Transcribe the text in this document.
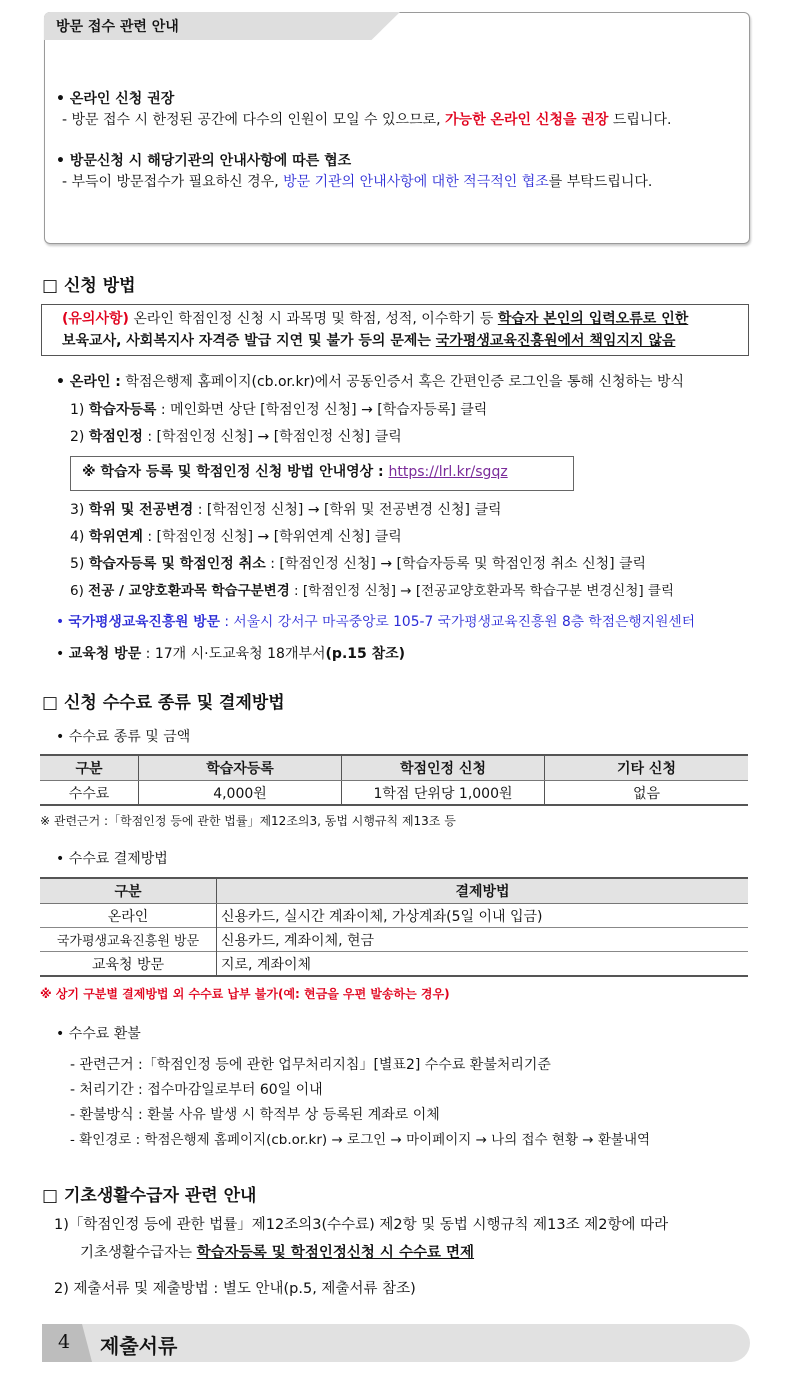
방문 접수 관련 안내
• 온라인 신청 권장
- 방문 접수 시 한정된 공간에 다수의 인원이 모일 수 있으므로, 가능한 온라인 신청을 권장 드립니다.
• 방문신청 시 해당기관의 안내사항에 따른 협조
- 부득이 방문접수가 필요하신 경우, 방문 기관의 안내사항에 대한 적극적인 협조를 부탁드립니다.
□ 신청 방법
(유의사항) 온라인 학점인정 신청 시 과목명 및 학점, 성적, 이수학기 등 학습자 본인의 입력오류로 인한
보육교사, 사회복지사 자격증 발급 지연 및 불가 등의 문제는 국가평생교육진흥원에서 책임지지 않음
• 온라인 : 학점은행제 홈페이지(cb.or.kr)에서 공동인증서 혹은 간편인증 로그인을 통해 신청하는 방식
1) 학습자등록 : 메인화면 상단 [학점인정 신청] → [학습자등록] 클릭
2) 학점인정 : [학점인정 신청] → [학점인정 신청] 클릭
※ 학습자 등록 및 학점인정 신청 방법 안내영상 : https://lrl.kr/sgqz
3) 학위 및 전공변경 : [학점인정 신청] → [학위 및 전공변경 신청] 클릭
4) 학위연계 : [학점인정 신청] → [학위연계 신청] 클릭
5) 학습자등록 및 학점인정 취소 : [학점인정 신청] → [학습자등록 및 학점인정 취소 신청] 클릭
6) 전공 / 교양호환과목 학습구분변경 : [학점인정 신청] → [전공교양호환과목 학습구분 변경신청] 클릭
• 국가평생교육진흥원 방문 : 서울시 강서구 마곡중앙로 105-7 국가평생교육진흥원 8층 학점은행지원센터
• 교육청 방문 : 17개 시·도교육청 18개부서(p.15 참조)
□ 신청 수수료 종류 및 결제방법
• 수수료 종류 및 금액
구분	학습자등록	학점인정 신청	기타 신청
수수료	4,000원	1학점 단위당 1,000원	없음
※ 관련근거 :「학점인정 등에 관한 법률」제12조의3, 동법 시행규칙 제13조 등
• 수수료 결제방법
구분	결제방법
온라인	신용카드, 실시간 계좌이체, 가상계좌(5일 이내 입금)
국가평생교육진흥원 방문	신용카드, 계좌이체, 현금
교육청 방문	지로, 계좌이체
※ 상기 구분별 결제방법 외 수수료 납부 불가(예: 현금을 우편 발송하는 경우)
• 수수료 환불
- 관련근거 :「학점인정 등에 관한 업무처리지침」[별표2] 수수료 환불처리기준
- 처리기간 : 접수마감일로부터 60일 이내
- 환불방식 : 환불 사유 발생 시 학적부 상 등록된 계좌로 이체
- 확인경로 : 학점은행제 홈페이지(cb.or.kr) → 로그인 → 마이페이지 → 나의 접수 현황 → 환불내역
□ 기초생활수급자 관련 안내
1)「학점인정 등에 관한 법률」제12조의3(수수료) 제2항 및 동법 시행규칙 제13조 제2항에 따라
기초생활수급자는 학습자등록 및 학점인정신청 시 수수료 면제
2) 제출서류 및 제출방법 : 별도 안내(p.5, 제출서류 참조)
4 제출서류
